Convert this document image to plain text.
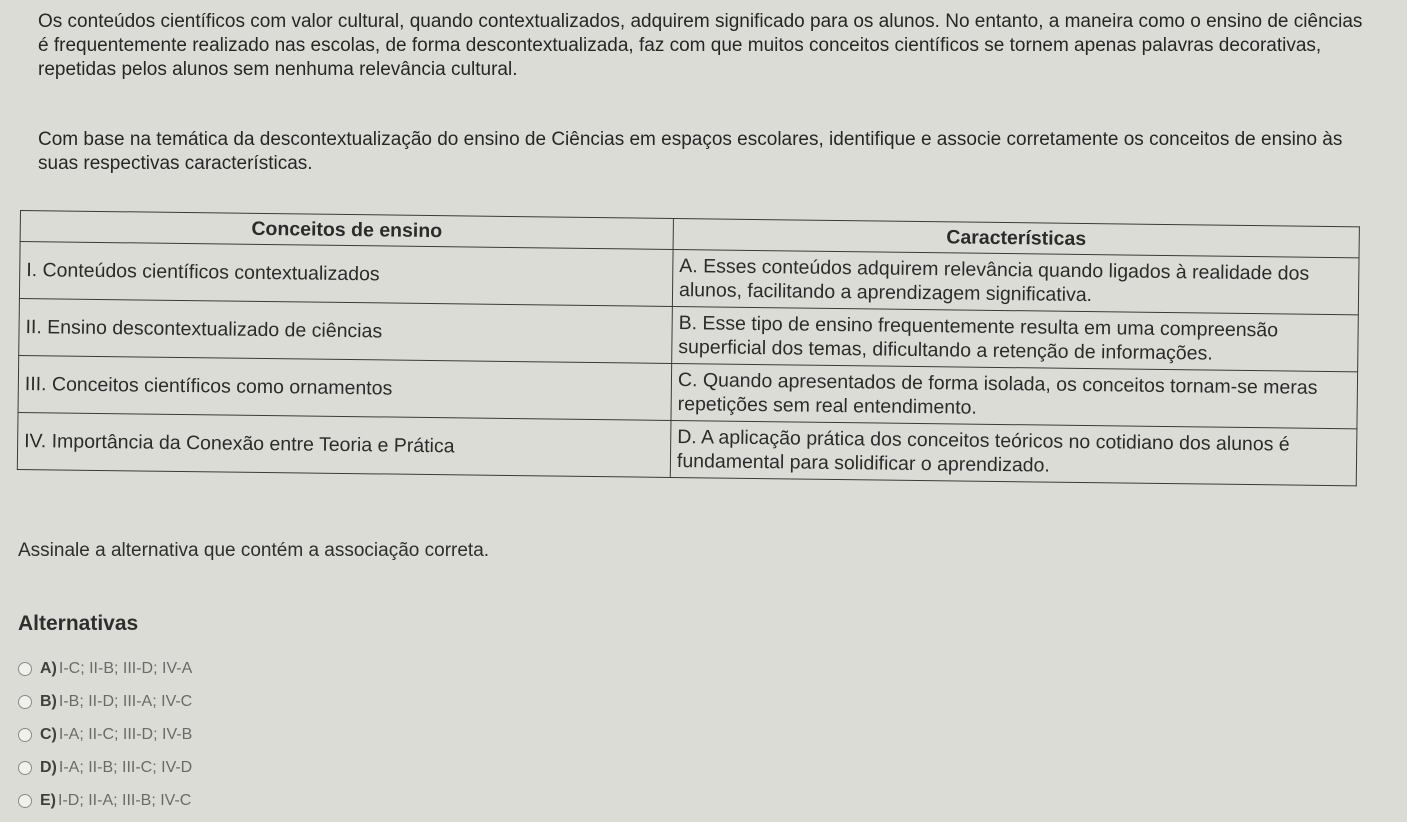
Os conteúdos científicos com valor cultural, quando contextualizados, adquirem significado para os alunos. No entanto, a maneira como o ensino de ciências é frequentemente realizado nas escolas, de forma descontextualizada, faz com que muitos conceitos científicos se tornem apenas palavras decorativas, repetidas pelos alunos sem nenhuma relevância cultural.

Com base na temática da descontextualização do ensino de Ciências em espaços escolares, identifique e associe corretamente os conceitos de ensino às suas respectivas características.

Conceitos de ensino	Características
I. Conteúdos científicos contextualizados	A. Esses conteúdos adquirem relevância quando ligados à realidade dos alunos, facilitando a aprendizagem significativa.
II. Ensino descontextualizado de ciências	B. Esse tipo de ensino frequentemente resulta em uma compreensão superficial dos temas, dificultando a retenção de informações.
III. Conceitos científicos como ornamentos	C. Quando apresentados de forma isolada, os conceitos tornam-se meras repetições sem real entendimento.
IV. Importância da Conexão entre Teoria e Prática	D. A aplicação prática dos conceitos teóricos no cotidiano dos alunos é fundamental para solidificar o aprendizado.

Assinale a alternativa que contém a associação correta.

Alternativas

A) I-C; II-B; III-D; IV-A
B) I-B; II-D; III-A; IV-C
C) I-A; II-C; III-D; IV-B
D) I-A; II-B; III-C; IV-D
E) I-D; II-A; III-B; IV-C
